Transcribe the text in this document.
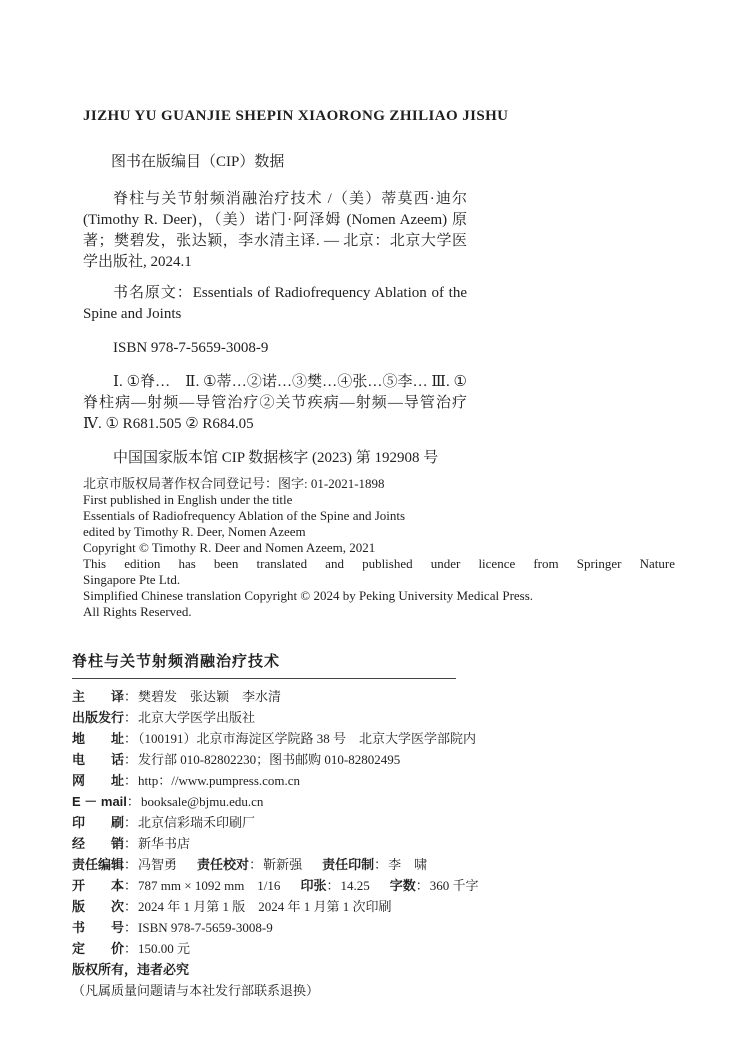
JIZHU YU GUANJIE SHEPIN XIAORONG ZHILIAO JISHU
图书在版编目（CIP）数据

脊柱与关节射频消融治疗技术 /（美）蒂莫西·迪尔 (Timothy R. Deer)，（美）诺门·阿泽姆 (Nomen Azeem) 原著；樊碧发，张达颖，李水清主译. — 北京：北京大学医学出版社, 2024.1

书名原文：Essentials of Radiofrequency Ablation of the Spine and Joints

ISBN 978-7-5659-3008-9

Ⅰ. ①脊…　Ⅱ. ①蒂…②诺…③樊…④张…⑤李… Ⅲ. ①脊柱病—射频—导管治疗②关节疾病—射频—导管治疗　Ⅳ. ① R681.505 ② R684.05

中国国家版本馆 CIP 数据核字 (2023) 第 192908 号

北京市版权局著作权合同登记号：图字: 01-2021-1898
First published in English under the title
Essentials of Radiofrequency Ablation of the Spine and Joints
edited by Timothy R. Deer, Nomen Azeem
Copyright © Timothy R. Deer and Nomen Azeem, 2021
This edition has been translated and published under licence from Springer Nature
Singapore Pte Ltd.
Simplified Chinese translation Copyright © 2024 by Peking University Medical Press.
All Rights Reserved.
脊柱与关节射频消融治疗技术
主　　译：樊碧发　张达颖　李水清
出版发行：北京大学医学出版社
地　　址：（100191）北京市海淀区学院路 38 号　北京大学医学部院内
电　　话：发行部 010-82802230；图书邮购 010-82802495
网　　址：http：//www.pumpress.com.cn
E － mail：booksale@bjmu.edu.cn
印　　刷：北京信彩瑞禾印刷厂
经　　销：新华书店
责任编辑：冯智勇 责任校对：靳新强 责任印制：李　啸
开　　本：787 mm × 1092 mm　1/16 印张：14.25 字数：360 千字
版　　次：2024 年 1 月第 1 版　2024 年 1 月第 1 次印刷
书　　号：ISBN 978-7-5659-3008-9
定　　价：150.00 元
版权所有，违者必究
（凡属质量问题请与本社发行部联系退换）
